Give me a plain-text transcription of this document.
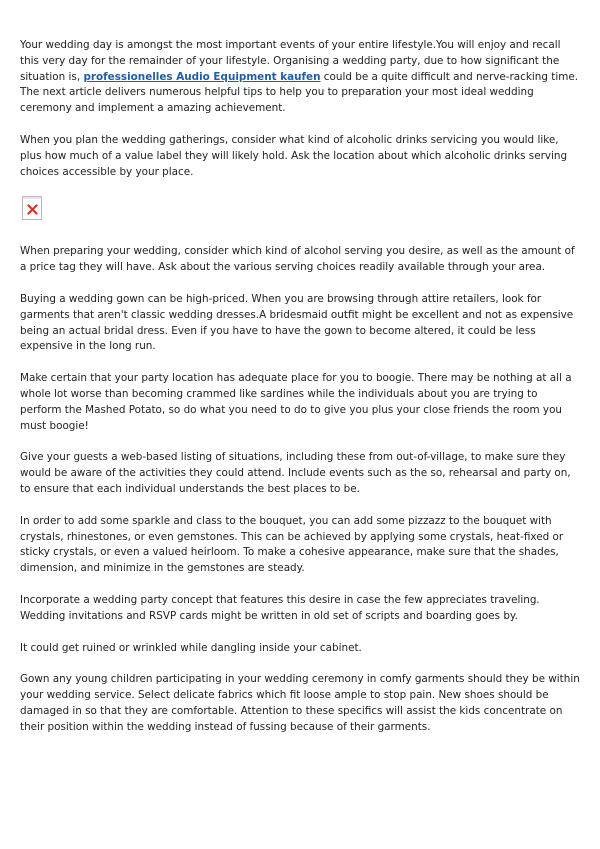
Your wedding day is amongst the most important events of your entire lifestyle.You will enjoy and recall this very day for the remainder of your lifestyle. Organising a wedding party, due to how significant the situation is, professionelles Audio Equipment kaufen could be a quite difficult and nerve-racking time. The next article delivers numerous helpful tips to help you to preparation your most ideal wedding ceremony and implement a amazing achievement.

When you plan the wedding gatherings, consider what kind of alcoholic drinks servicing you would like, plus how much of a value label they will likely hold. Ask the location about which alcoholic drinks serving choices accessible by your place.

When preparing your wedding, consider which kind of alcohol serving you desire, as well as the amount of a price tag they will have. Ask about the various serving choices readily available through your area.

Buying a wedding gown can be high-priced. When you are browsing through attire retailers, look for garments that aren't classic wedding dresses.A bridesmaid outfit might be excellent and not as expensive being an actual bridal dress. Even if you have to have the gown to become altered, it could be less expensive in the long run.

Make certain that your party location has adequate place for you to boogie. There may be nothing at all a whole lot worse than becoming crammed like sardines while the individuals about you are trying to perform the Mashed Potato, so do what you need to do to give you plus your close friends the room you must boogie!

Give your guests a web-based listing of situations, including these from out-of-village, to make sure they would be aware of the activities they could attend. Include events such as the so, rehearsal and party on, to ensure that each individual understands the best places to be.

In order to add some sparkle and class to the bouquet, you can add some pizzazz to the bouquet with crystals, rhinestones, or even gemstones. This can be achieved by applying some crystals, heat-fixed or sticky crystals, or even a valued heirloom. To make a cohesive appearance, make sure that the shades, dimension, and minimize in the gemstones are steady.

Incorporate a wedding party concept that features this desire in case the few appreciates traveling. Wedding invitations and RSVP cards might be written in old set of scripts and boarding goes by.

It could get ruined or wrinkled while dangling inside your cabinet.

Gown any young children participating in your wedding ceremony in comfy garments should they be within your wedding service. Select delicate fabrics which fit loose ample to stop pain. New shoes should be damaged in so that they are comfortable. Attention to these specifics will assist the kids concentrate on their position within the wedding instead of fussing because of their garments.
